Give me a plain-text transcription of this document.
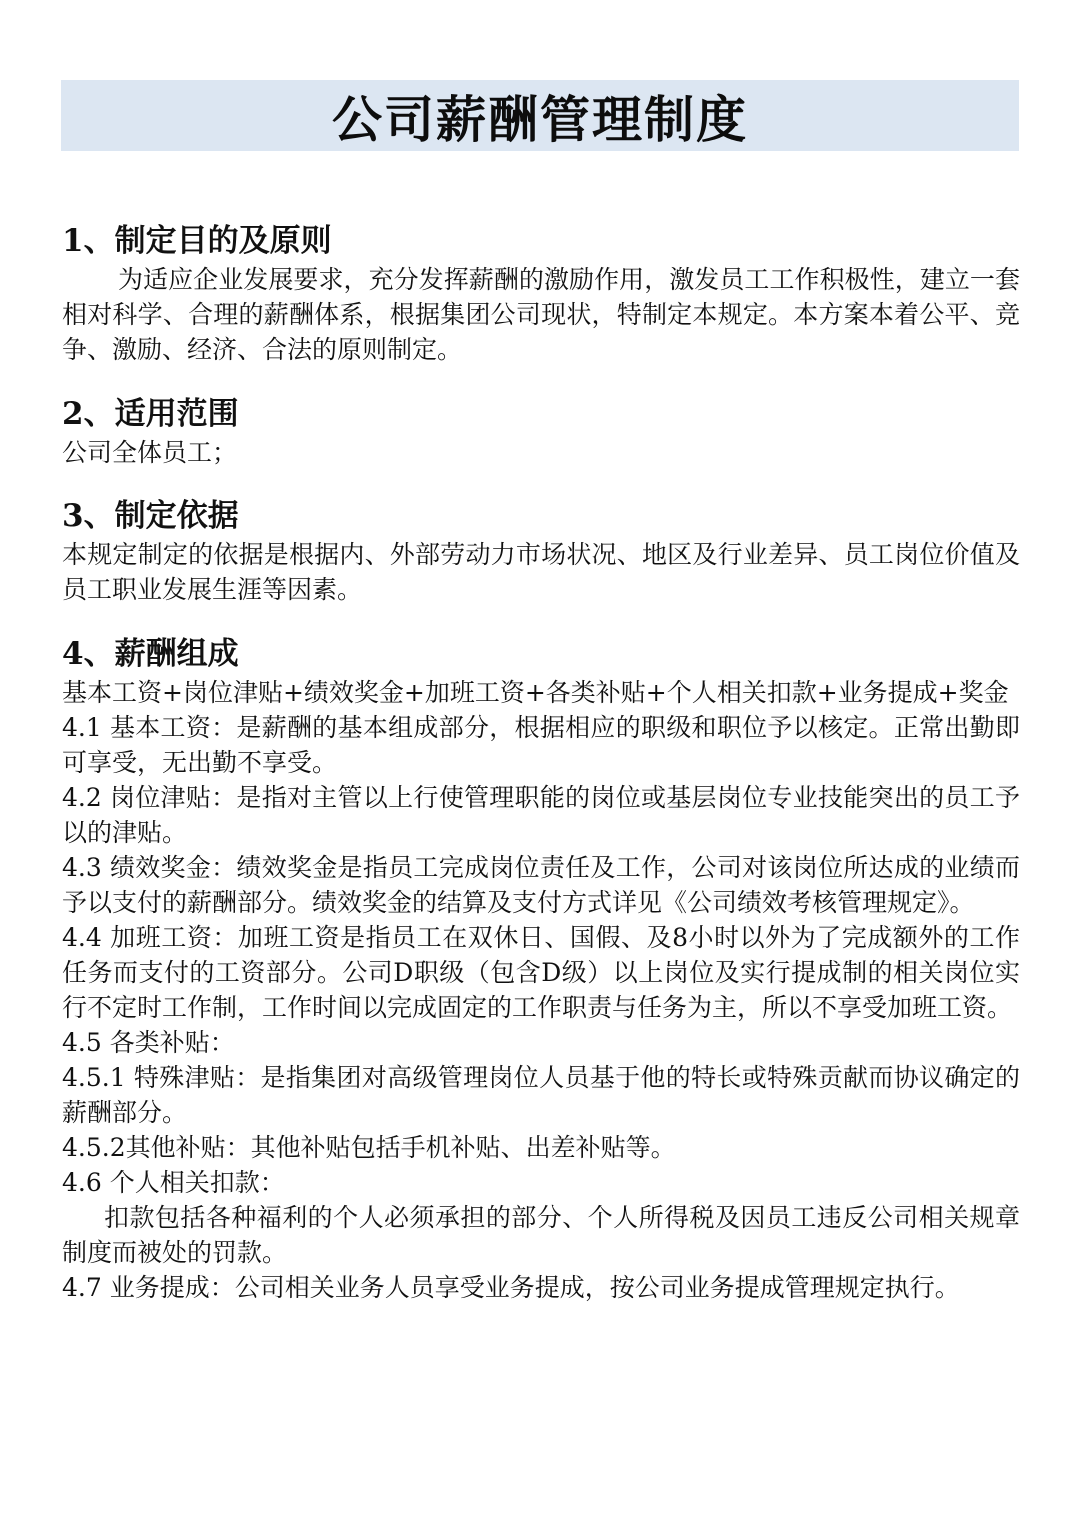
公司薪酬管理制度
1、制定目的及原则

为适应企业发展要求，充分发挥薪酬的激励作用，激发员工工作积极性，建立一套相对科学、合理的薪酬体系，根据集团公司现状，特制定本规定。本方案本着公平、竞争、激励、经济、合法的原则制定。

2、适用范围

公司全体员工；

3、制定依据

本规定制定的依据是根据内、外部劳动力市场状况、地区及行业差异、员工岗位价值及员工职业发展生涯等因素。

4、薪酬组成

基本工资+岗位津贴+绩效奖金+加班工资+各类补贴+个人相关扣款+业务提成+奖金

4.1 基本工资：是薪酬的基本组成部分，根据相应的职级和职位予以核定。正常出勤即可享受，无出勤不享受。

4.2 岗位津贴：是指对主管以上行使管理职能的岗位或基层岗位专业技能突出的员工予以的津贴。

4.3 绩效奖金：绩效奖金是指员工完成岗位责任及工作，公司对该岗位所达成的业绩而予以支付的薪酬部分。绩效奖金的结算及支付方式详见《公司绩效考核管理规定》。

4.4 加班工资：加班工资是指员工在双休日、国假、及8小时以外为了完成额外的工作任务而支付的工资部分。公司D职级（包含D级）以上岗位及实行提成制的相关岗位实行不定时工作制，工作时间以完成固定的工作职责与任务为主，所以不享受加班工资。

4.5 各类补贴：

4.5.1 特殊津贴：是指集团对高级管理岗位人员基于他的特长或特殊贡献而协议确定的薪酬部分。

4.5.2其他补贴：其他补贴包括手机补贴、出差补贴等。

4.6 个人相关扣款：

扣款包括各种福利的个人必须承担的部分、个人所得税及因员工违反公司相关规章制度而被处的罚款。

4.7 业务提成：公司相关业务人员享受业务提成，按公司业务提成管理规定执行。
